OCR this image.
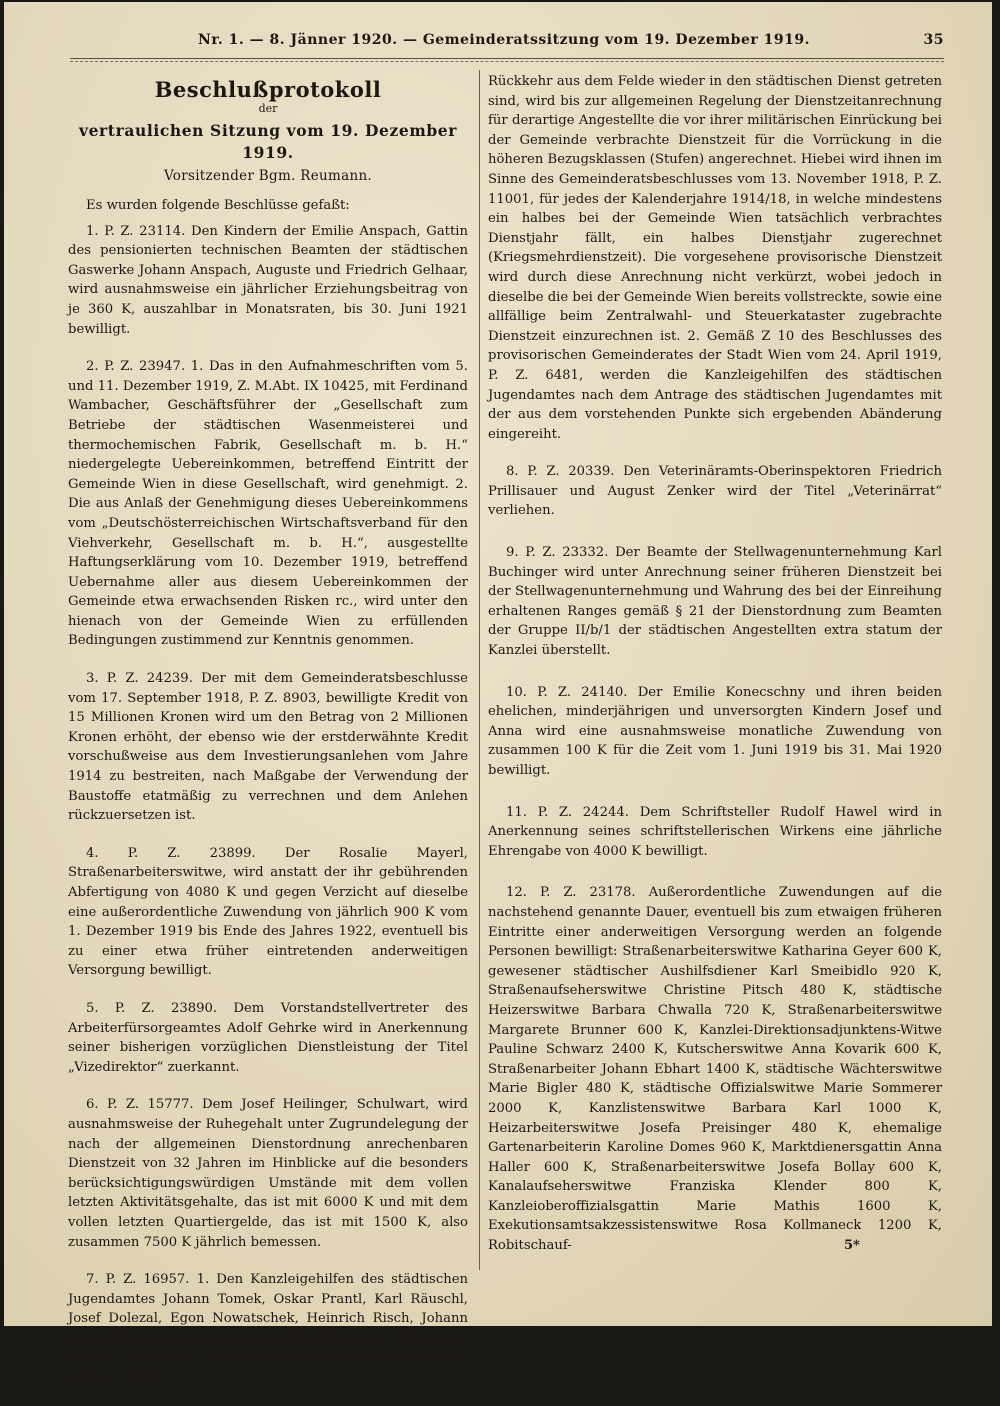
Nr. 1. — 8. Jänner 1920. — Gemeinderatssitzung vom 19. Dezember 1919.	35
Beschlußprotokoll
der
vertraulichen Sitzung vom 19. Dezember 1919.
Vorsitzender Bgm. Reumann.

Es wurden folgende Beschlüsse gefaßt:

1. P. Z. 23114. Den Kindern der Emilie Anspach, Gattin des pensionierten technischen Beamten der städtischen Gaswerke Johann Anspach, Auguste und Friedrich Gelhaar, wird ausnahmsweise ein jährlicher Erziehungsbeitrag von je 360 K, auszahlbar in Monatsraten, bis 30. Juni 1921 bewilligt.

2. P. Z. 23947. 1. Das in den Aufnahmeschriften vom 5. und 11. Dezember 1919, Z. M.Abt. IX 10425, mit Ferdinand Wambacher, Geschäftsführer der „Gesellschaft zum Betriebe der städtischen Wasenmeisterei und thermochemischen Fabrik, Gesellschaft m. b. H.“ niedergelegte Uebereinkommen, betreffend Eintritt der Gemeinde Wien in diese Gesellschaft, wird genehmigt. 2. Die aus Anlaß der Genehmigung dieses Uebereinkommens vom „Deutschösterreichischen Wirtschaftsverband für den Viehverkehr, Gesellschaft m. b. H.“, ausgestellte Haftungserklärung vom 10. Dezember 1919, betreffend Uebernahme aller aus diesem Uebereinkommen der Gemeinde etwa erwachsenden Risken rc., wird unter den hienach von der Gemeinde Wien zu erfüllenden Bedingungen zustimmend zur Kenntnis genommen.

3. P. Z. 24239. Der mit dem Gemeinderatsbeschlusse vom 17. September 1918, P. Z. 8903, bewilligte Kredit von 15 Millionen Kronen wird um den Betrag von 2 Millionen Kronen erhöht, der ebenso wie der erstderwähnte Kredit vorschußweise aus dem Investierungsanlehen vom Jahre 1914 zu bestreiten, nach Maßgabe der Verwendung der Baustoffe etatmäßig zu verrechnen und dem Anlehen rückzuersetzen ist.

4. P. Z. 23899. Der Rosalie Mayerl, Straßenarbeiterswitwe, wird anstatt der ihr gebührenden Abfertigung von 4080 K und gegen Verzicht auf dieselbe eine außerordentliche Zuwendung von jährlich 900 K vom 1. Dezember 1919 bis Ende des Jahres 1922, eventuell bis zu einer etwa früher eintretenden anderweitigen Versorgung bewilligt.

5. P. Z. 23890. Dem Vorstandstellvertreter des Arbeiterfürsorgeamtes Adolf Gehrke wird in Anerkennung seiner bisherigen vorzüglichen Dienstleistung der Titel „Vizedirektor“ zuerkannt.

6. P. Z. 15777. Dem Josef Heilinger, Schulwart, wird ausnahmsweise der Ruhegehalt unter Zugrundelegung der nach der allgemeinen Dienstordnung anrechenbaren Dienstzeit von 32 Jahren im Hinblicke auf die besonders berücksichtigungswürdigen Umstände mit dem vollen letzten Aktivitätsgehalte, das ist mit 6000 K und mit dem vollen letzten Quartiergelde, das ist mit 1500 K, also zusammen 7500 K jährlich bemessen.

7. P. Z. 16957. 1. Den Kanzleigehilfen des städtischen Jugendamtes Johann Tomek, Oskar Prantl, Karl Räuschl, Josef Dolezal, Egon Nowatschek, Heinrich Risch, Johann Jezek, Florian Schmutz und Anton Knirzinger, die wegen ihrer militärischen Einberufung entlassen werden mußten und nach ihrer

Rückkehr aus dem Felde wieder in den städtischen Dienst getreten sind, wird bis zur allgemeinen Regelung der Dienstzeitanrechnung für derartige Angestellte die vor ihrer militärischen Einrückung bei der Gemeinde verbrachte Dienstzeit für die Vorrückung in die höheren Bezugsklassen (Stufen) angerechnet. Hiebei wird ihnen im Sinne des Gemeinderatsbeschlusses vom 13. November 1918, P. Z. 11001, für jedes der Kalenderjahre 1914/18, in welche mindestens ein halbes bei der Gemeinde Wien tatsächlich verbrachtes Dienstjahr fällt, ein halbes Dienstjahr zugerechnet (Kriegsmehrdienstzeit). Die vorgesehene provisorische Dienstzeit wird durch diese Anrechnung nicht verkürzt, wobei jedoch in dieselbe die bei der Gemeinde Wien bereits vollstreckte, sowie eine allfällige beim Zentralwahl- und Steuerkataster zugebrachte Dienstzeit einzurechnen ist. 2. Gemäß Z 10 des Beschlusses des provisorischen Gemeinderates der Stadt Wien vom 24. April 1919, P. Z. 6481, werden die Kanzleigehilfen des städtischen Jugendamtes nach dem Antrage des städtischen Jugendamtes mit der aus dem vorstehenden Punkte sich ergebenden Abänderung eingereiht.

8. P. Z. 20339. Den Veterinäramts-Oberinspektoren Friedrich Prillisauer und August Zenker wird der Titel „Veterinärrat“ verliehen.

9. P. Z. 23332. Der Beamte der Stellwagenunternehmung Karl Buchinger wird unter Anrechnung seiner früheren Dienstzeit bei der Stellwagenunternehmung und Wahrung des bei der Einreihung erhaltenen Ranges gemäß § 21 der Dienstordnung zum Beamten der Gruppe II/b/1 der städtischen Angestellten extra statum der Kanzlei überstellt.

10. P. Z. 24140. Der Emilie Konecschny und ihren beiden ehelichen, minderjährigen und unversorgten Kindern Josef und Anna wird eine ausnahmsweise monatliche Zuwendung von zusammen 100 K für die Zeit vom 1. Juni 1919 bis 31. Mai 1920 bewilligt.

11. P. Z. 24244. Dem Schriftsteller Rudolf Hawel wird in Anerkennung seines schriftstellerischen Wirkens eine jährliche Ehrengabe von 4000 K bewilligt.

12. P. Z. 23178. Außerordentliche Zuwendungen auf die nachstehend genannte Dauer, eventuell bis zum etwaigen früheren Eintritte einer anderweitigen Versorgung werden an folgende Personen bewilligt: Straßenarbeiterswitwe Katharina Geyer 600 K, gewesener städtischer Aushilfsdiener Karl Smeibidlo 920 K, Straßenaufseherswitwe Christine Pitsch 480 K, städtische Heizerswitwe Barbara Chwalla 720 K, Straßenarbeiterswitwe Margarete Brunner 600 K, Kanzlei-Direktionsadjunktens-Witwe Pauline Schwarz 2400 K, Kutscherswitwe Anna Kovarik 600 K, Straßenarbeiter Johann Ebhart 1400 K, städtische Wächterswitwe Marie Bigler 480 K, städtische Offizialswitwe Marie Sommerer 2000 K, Kanzlistenswitwe Barbara Karl 1000 K, Heizarbeiterswitwe Josefa Preisinger 480 K, ehemalige Gartenarbeiterin Karoline Domes 960 K, Marktdienersgattin Anna Haller 600 K, Straßenarbeiterswitwe Josefa Bollay 600 K, Kanalaufseherswitwe Franziska Klender 800 K, Kanzleioberoffizialsgattin Marie Mathis 1600 K, Exekutionsamtsakzessistenswitwe Rosa Kollmaneck 1200 K, Robitschauf-	5*
